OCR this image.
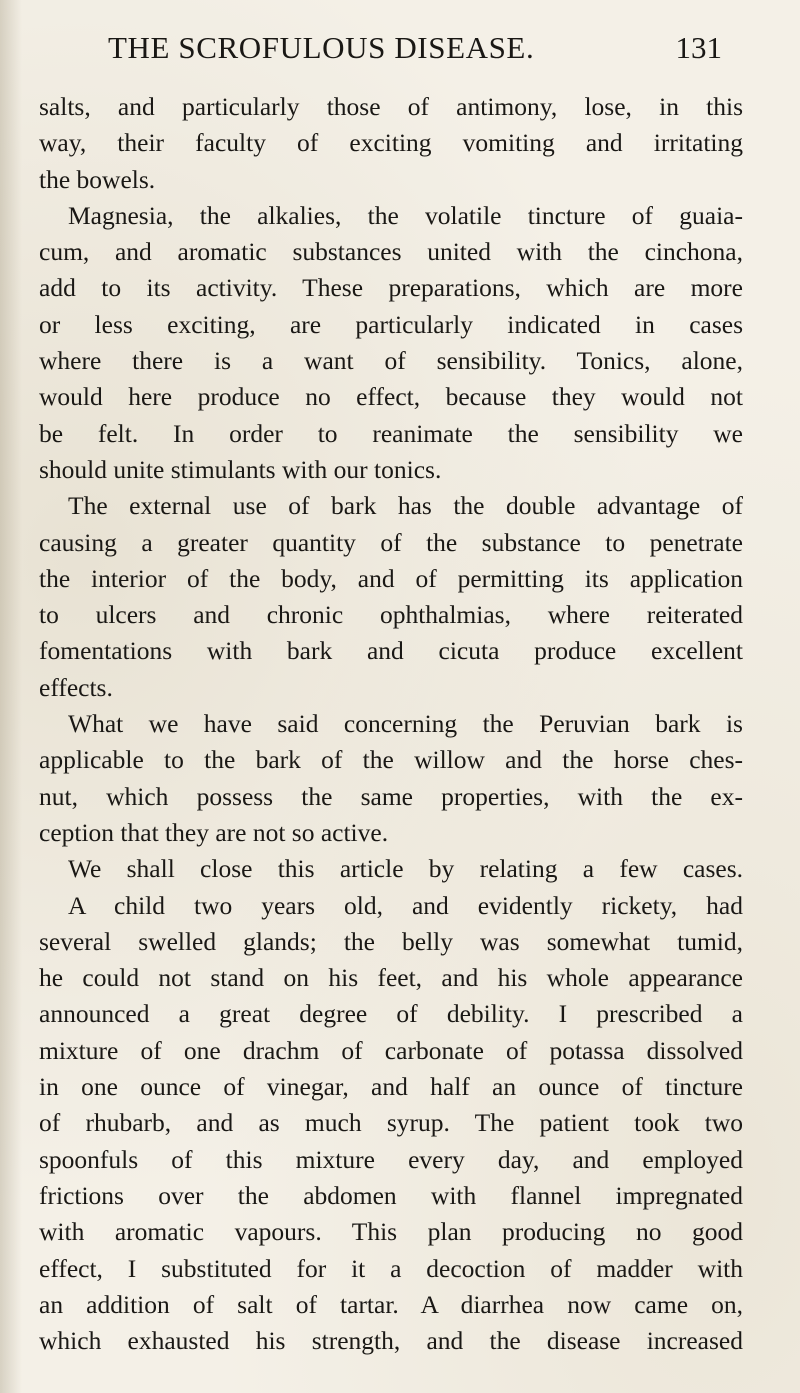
THE SCROFULOUS DISEASE.	131
salts, and particularly those of antimony, lose, in this
way, their faculty of exciting vomiting and irritating
the bowels.
Magnesia, the alkalies, the volatile tincture of guaia-
cum, and aromatic substances united with the cinchona,
add to its activity. These preparations, which are more
or less exciting, are particularly indicated in cases
where there is a want of sensibility. Tonics, alone,
would here produce no effect, because they would not
be felt. In order to reanimate the sensibility we
should unite stimulants with our tonics.
The external use of bark has the double advantage of
causing a greater quantity of the substance to penetrate
the interior of the body, and of permitting its application
to ulcers and chronic ophthalmias, where reiterated
fomentations with bark and cicuta produce excellent
effects.
What we have said concerning the Peruvian bark is
applicable to the bark of the willow and the horse ches-
nut, which possess the same properties, with the ex-
ception that they are not so active.
We shall close this article by relating a few cases.
A child two years old, and evidently rickety, had
several swelled glands; the belly was somewhat tumid,
he could not stand on his feet, and his whole appearance
announced a great degree of debility. I prescribed a
mixture of one drachm of carbonate of potassa dissolved
in one ounce of vinegar, and half an ounce of tincture
of rhubarb, and as much syrup. The patient took two
spoonfuls of this mixture every day, and employed
frictions over the abdomen with flannel impregnated
with aromatic vapours. This plan producing no good
effect, I substituted for it a decoction of madder with
an addition of salt of tartar. A diarrhea now came on,
which exhausted his strength, and the disease increased
